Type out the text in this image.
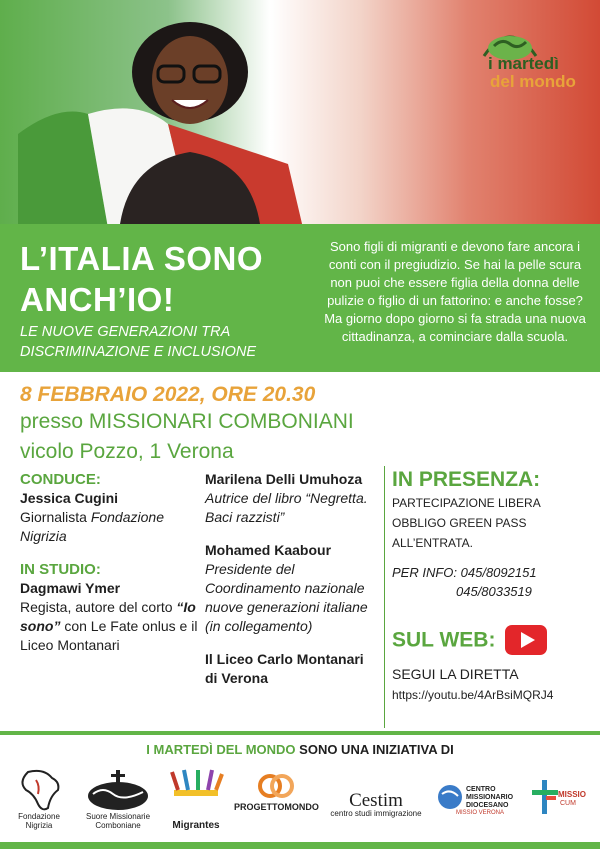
i martedì
del mondo
L’ITALIA SONO
ANCH’IO!
LE NUOVE GENERAZIONI TRA
DISCRIMINAZIONE E INCLUSIONE
Sono figli di migranti e devono fare ancora i conti con il pregiudizio. Se hai la pelle scura non puoi che essere figlia della donna delle pulizie o figlio di un fattorino: e anche fosse? Ma giorno dopo giorno si fa strada una nuova cittadinanza, a cominciare dalla scuola.
8 FEBBRAIO 2022, ORE 20.30
presso MISSIONARI COMBONIANI
vicolo Pozzo, 1 Verona
CONDUCE:
Jessica Cugini
Giornalista Fondazione Nigrizia
IN STUDIO:
Dagmawi Ymer
Regista, autore del corto “Io sono” con Le Fate onlus e il Liceo Montanari
Marilena Delli Umuhoza
Autrice del libro “Negretta. Baci razzisti”
Mohamed Kaabour
Presidente del Coordinamento nazionale nuove generazioni italiane (in collegamento)
Il Liceo Carlo Montanari di Verona
IN PRESENZA:
PARTECIPAZIONE LIBERA
OBBLIGO GREEN PASS
ALL’ENTRATA.
PER INFO: 045/8092151
045/8033519
SUL WEB:
SEGUI LA DIRETTA
https://youtu.be/4ArBsiMQRJ4
I MARTEDÌ DEL MONDO SONO UNA INIZIATIVA DI
Fondazione Nigrizia
Suore Missionarie Comboniane	Migrantes
PROGETTOMONDO	Cestim
centro studi immigrazione
CENTRO MISSIONARIO DIOCESANO
MISSIO VERONA
MISSIO
CUM
